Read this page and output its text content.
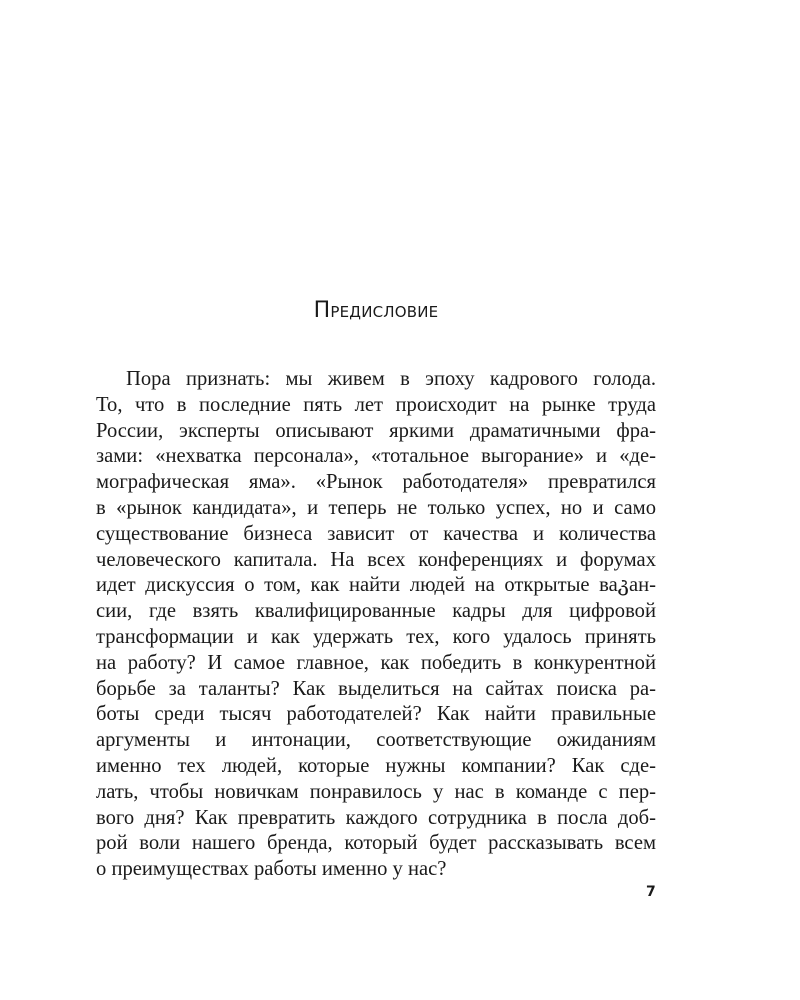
Предисловие
Пора признать: мы живем в эпоху кадрового голода.
То, что в последние пять лет происходит на рынке труда
России, эксперты описывают яркими драматичными фра-
зами: «нехватка персонала», «тотальное выгорание» и «де-
мографическая яма». «Рынок работодателя» превратился
в «рынок кандидата», и теперь не только успех, но и само
существование бизнеса зависит от качества и количества
человеческого капитала. На всех конференциях и форумах
идет дискуссия о том, как найти людей на открытые ваკан-
сии, где взять квалифицированные кадры для цифровой
трансформации и как удержать тех, кого удалось принять
на работу? И самое главное, как победить в конкурентной
борьбе за таланты? Как выделиться на сайтах поиска ра-
боты среди тысяч работодателей? Как найти правильные
аргументы и интонации, соответствующие ожиданиям
именно тех людей, которые нужны компании? Как сде-
лать, чтобы новичкам понравилось у нас в команде с пер-
вого дня? Как превратить каждого сотрудника в посла доб-
рой воли нашего бренда, который будет рассказывать всем
о преимуществах работы именно у нас?
7
